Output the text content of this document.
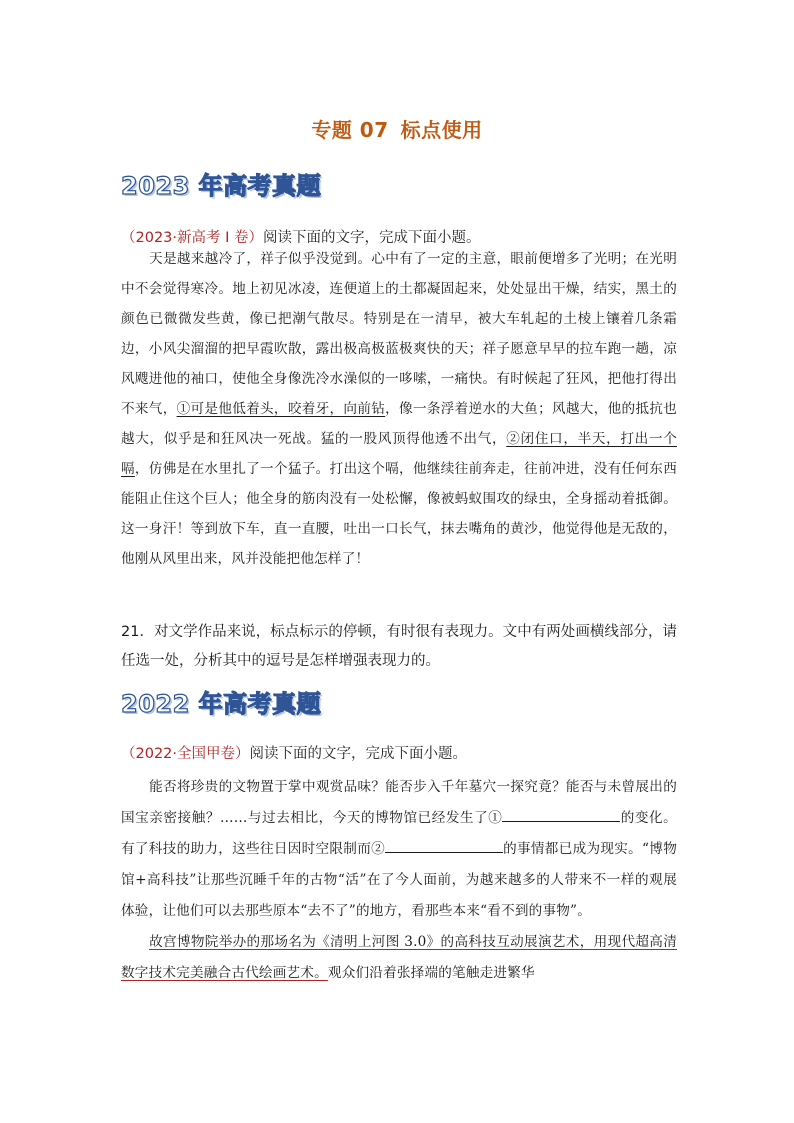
专题 07 标点使用
2023 年高考真题
（2023·新高考 I 卷）阅读下面的文字，完成下面小题。
天是越来越冷了，祥子似乎没觉到。心中有了一定的主意，眼前便增多了光明；在光明中不会觉得寒冷。地上初见冰凌，连便道上的土都凝固起来，处处显出干燥，结实，黑土的颜色已微微发些黄，像已把潮气散尽。特别是在一清早，被大车轧起的土棱上镶着几条霜边，小风尖溜溜的把早霞吹散，露出极高极蓝极爽快的天；祥子愿意早早的拉车跑一趟，凉风飕进他的袖口，使他全身像洗冷水澡似的一哆嗦，一痛快。有时候起了狂风，把他打得出不来气，①可是他低着头，咬着牙，向前钻，像一条浮着逆水的大鱼；风越大，他的抵抗也越大，似乎是和狂风决一死战。猛的一股风顶得他透不出气，②闭住口，半天，打出一个嗝，仿佛是在水里扎了一个猛子。打出这个嗝，他继续往前奔走，往前冲进，没有任何东西能阻止住这个巨人；他全身的筋肉没有一处松懈，像被蚂蚁围攻的绿虫，全身摇动着抵御。这一身汗！等到放下车，直一直腰，吐出一口长气，抹去嘴角的黄沙，他觉得他是无敌的，他刚从风里出来，风并没能把他怎样了！
21．对文学作品来说，标点标示的停顿，有时很有表现力。文中有两处画横线部分，请任选一处，分析其中的逗号是怎样增强表现力的。
2022 年高考真题
（2022·全国甲卷）阅读下面的文字，完成下面小题。
能否将珍贵的文物置于掌中观赏品味？能否步入千年墓穴一探究竟？能否与未曾展出的国宝亲密接触？……与过去相比，今天的博物馆已经发生了①	的变化。有了科技的助力，这些往日因时空限制而②	的事情都已成为现实。“博物馆+高科技”让那些沉睡千年的古物“活”在了今人面前，为越来越多的人带来不一样的观展体验，让他们可以去那些原本“去不了”的地方，看那些本来“看不到的事物”。
故宫博物院举办的那场名为《清明上河图 3.0》的高科技互动展演艺术，用现代超高清数字技术完美融合古代绘画艺术。观众们沿着张择端的笔触走进繁华
